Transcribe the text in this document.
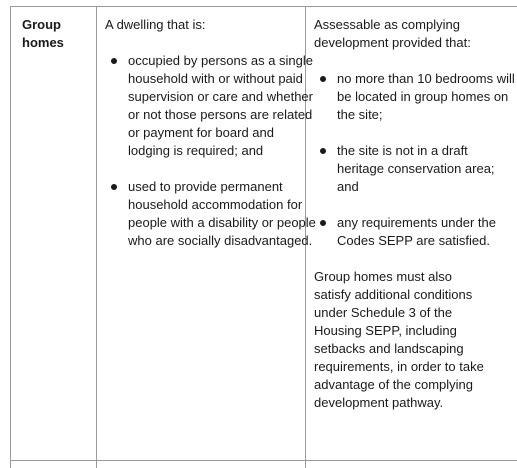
Group homes

A dwelling that is:

occupied by persons as a single household with or without paid supervision or care and whether or not those persons are related or payment for board and lodging is required; and
used to provide permanent household accommodation for people with a disability or people who are socially disadvantaged.

Assessable as complying development provided that:

no more than 10 bedrooms will be located in group homes on the site;
the site is not in a draft heritage conservation area; and
any requirements under the Codes SEPP are satisfied.

Group homes must also satisfy additional conditions under Schedule 3 of the Housing SEPP, including setbacks and landscaping requirements, in order to take advantage of the complying development pathway.
